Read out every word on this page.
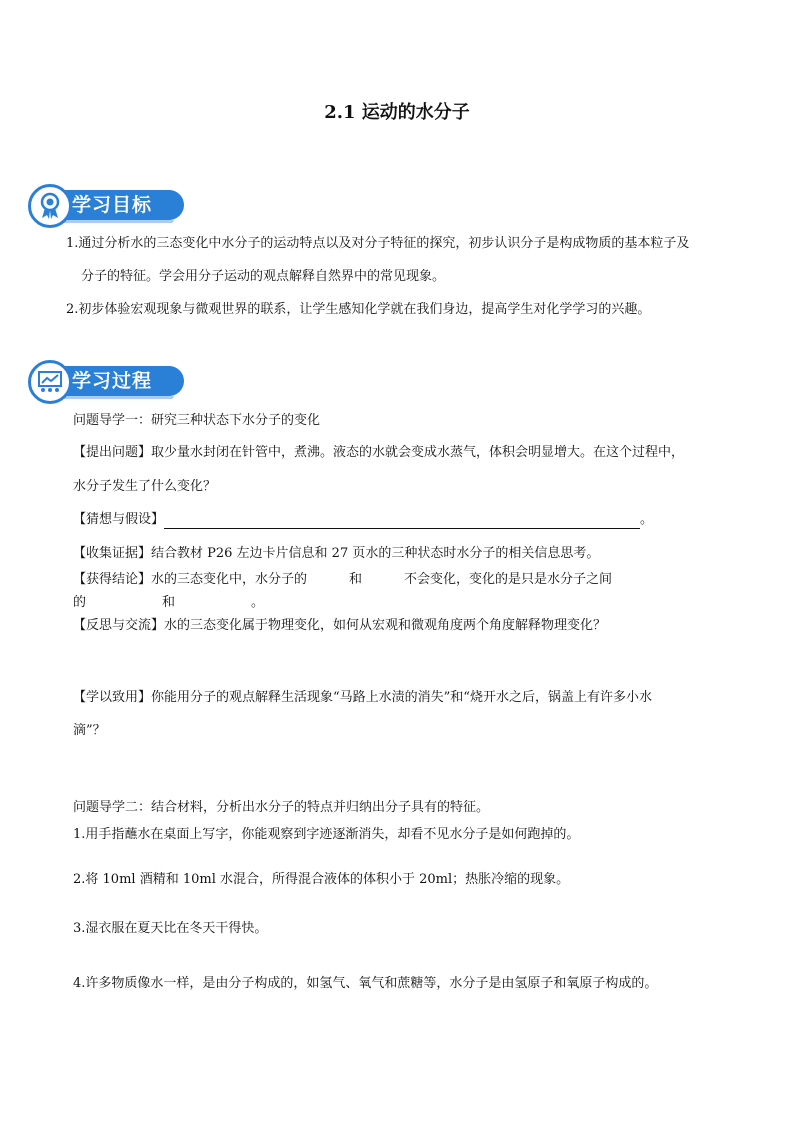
2.1 运动的水分子
学习目标
1.通过分析水的三态变化中水分子的运动特点以及对分子特征的探究，初步认识分子是构成物质的基本粒子及
分子的特征。学会用分子运动的观点解释自然界中的常见现象。
2.初步体验宏观现象与微观世界的联系，让学生感知化学就在我们身边，提高学生对化学学习的兴趣。
学习过程
问题导学一：研究三种状态下水分子的变化
【提出问题】取少量水封闭在针管中，煮沸。液态的水就会变成水蒸气，体积会明显增大。在这个过程中，
水分子发生了什么变化？
【猜想与假设】	。
【收集证据】结合教材 P26 左边卡片信息和 27 页水的三种状态时水分子的相关信息思考。
【获得结论】水的三态变化中，水分子的	和	不会变化，变化的是只是水分子之间
的	和	。
【反思与交流】水的三态变化属于物理变化，如何从宏观和微观角度两个角度解释物理变化？
【学以致用】你能用分子的观点解释生活现象“马路上水渍的消失”和“烧开水之后，锅盖上有许多小水
滴”？
问题导学二：结合材料，分析出水分子的特点并归纳出分子具有的特征。
1.用手指蘸水在桌面上写字，你能观察到字迹逐渐消失，却看不见水分子是如何跑掉的。
2.将 10ml 酒精和 10ml 水混合，所得混合液体的体积小于 20ml；热胀冷缩的现象。
3.湿衣服在夏天比在冬天干得快。
4.许多物质像水一样，是由分子构成的，如氢气、氧气和蔗糖等，水分子是由氢原子和氧原子构成的。
